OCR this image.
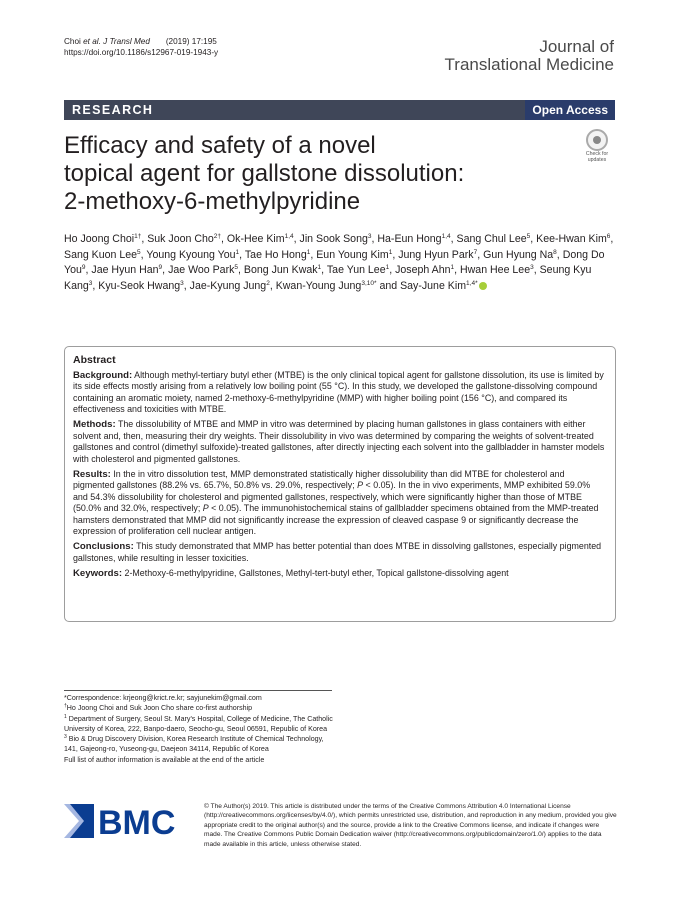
Choi et al. J Transl Med (2019) 17:195
https://doi.org/10.1186/s12967-019-1943-y	Journal of
Translational Medicine
RESEARCH	Open Access
Efficacy and safety of a novel
topical agent for gallstone dissolution:
2-methoxy-6-methylpyridine
Check for
updates
Ho Joong Choi$^{1\dagger}$, Suk Joon Cho$^{2\dagger}$, Ok-Hee Kim$^{1,4}$, Jin Sook Song$^3$, Ha-Eun Hong$^{1,4}$, Sang Chul Lee$^5$, Kee-Hwan Kim$^6$, Sang Kuon Lee$^5$, Young Kyoung You$^1$, Tae Ho Hong$^1$, Eun Young Kim$^1$, Jung Hyun Park$^7$, Gun Hyung Na$^8$, Dong Do You$^9$, Jae Hyun Han$^9$, Jae Woo Park$^5$, Bong Jun Kwak$^1$, Tae Yun Lee$^1$, Joseph Ahn$^1$, Hwan Hee Lee$^3$, Seung Kyu Kang$^3$, Kyu-Seok Hwang$^3$, Jae-Kyung Jung$^2$, Kwan-Young Jung$^{3,10*}$ and Say-June Kim$^{1,4*}$
Abstract

Background: Although methyl-tertiary butyl ether (MTBE) is the only clinical topical agent for gallstone dissolution, its use is limited by its side effects mostly arising from a relatively low boiling point (55 °C). In this study, we developed the gallstone-dissolving compound containing an aromatic moiety, named 2-methoxy-6-methylpyridine (MMP) with higher boiling point (156 °C), and compared its effectiveness and toxicities with MTBE.

Methods: The dissolubility of MTBE and MMP in vitro was determined by placing human gallstones in glass containers with either solvent and, then, measuring their dry weights. Their dissolubility in vivo was determined by comparing the weights of solvent-treated gallstones and control (dimethyl sulfoxide)-treated gallstones, after directly injecting each solvent into the gallbladder in hamster models with cholesterol and pigmented gallstones.

Results: In the in vitro dissolution test, MMP demonstrated statistically higher dissolubility than did MTBE for cholesterol and pigmented gallstones (88.2% vs. 65.7%, 50.8% vs. 29.0%, respectively; P < 0.05). In the in vivo experiments, MMP exhibited 59.0% and 54.3% dissolubility for cholesterol and pigmented gallstones, respectively, which were significantly higher than those of MTBE (50.0% and 32.0%, respectively; P < 0.05). The immunohistochemical stains of gallbladder specimens obtained from the MMP-treated hamsters demonstrated that MMP did not significantly increase the expression of cleaved caspase 9 or significantly decrease the expression of proliferation cell nuclear antigen.

Conclusions: This study demonstrated that MMP has better potential than does MTBE in dissolving gallstones, especially pigmented gallstones, while resulting in lesser toxicities.

Keywords: 2-Methoxy-6-methylpyridine, Gallstones, Methyl-tert-butyl ether, Topical gallstone-dissolving agent

*Correspondence: krjeong@krict.re.kr; sayjunekim@gmail.com
†Ho Joong Choi and Suk Joon Cho share co-first authorship
$^1$ Department of Surgery, Seoul St. Mary's Hospital, College of Medicine, The Catholic University of Korea, 222, Banpo-daero, Seocho-gu, Seoul 06591, Republic of Korea
$^3$ Bio & Drug Discovery Division, Korea Research Institute of Chemical Technology, 141, Gajeong-ro, Yuseong-gu, Daejeon 34114, Republic of Korea
Full list of author information is available at the end of the article
BMC	© The Author(s) 2019. This article is distributed under the terms of the Creative Commons Attribution 4.0 International License (http://creativecommons.org/licenses/by/4.0/), which permits unrestricted use, distribution, and reproduction in any medium, provided you give appropriate credit to the original author(s) and the source, provide a link to the Creative Commons license, and indicate if changes were made. The Creative Commons Public Domain Dedication waiver (http://creativecommons.org/publicdomain/zero/1.0/) applies to the data made available in this article, unless otherwise stated.
